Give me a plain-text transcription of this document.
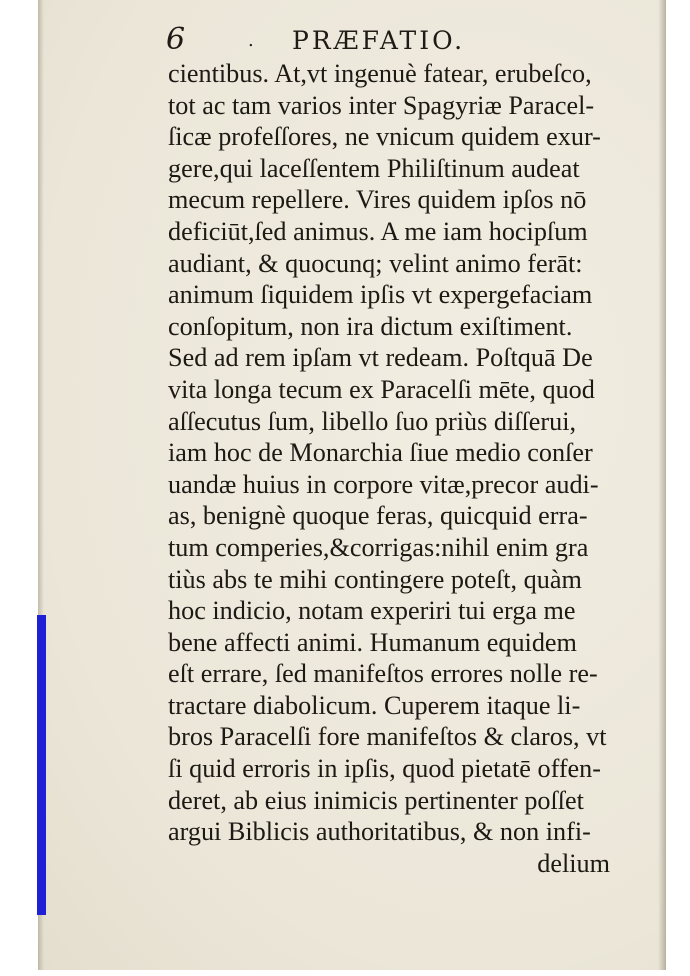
6	. PRÆFATIO.
cientibus. At,vt ingenuè fatear, erubeſco,
tot ac tam varios inter Spagyriæ Paracel-
ſicæ profeſſores, ne vnicum quidem exur-
gere,qui laceſſentem Philiſtinum audeat
mecum repellere. Vires quidem ipſos nō
deficiūt,ſed animus. A me iam hocipſum
audiant, & quocunq; velint animo ferāt:
animum ſiquidem ipſis vt expergefaciam
conſopitum, non ira dictum exiſtiment.
Sed ad rem ipſam vt redeam. Poſtquā De
vita longa tecum ex Paracelſi mēte, quod
aſſecutus ſum, libello ſuo priùs diſſerui,
iam hoc de Monarchia ſiue medio conſer
uandæ huius in corpore vitæ,precor audi-
as, benignè quoque feras, quicquid erra-
tum comperies,&corrigas:nihil enim gra
tiùs abs te mihi contingere poteſt, quàm
hoc indicio, notam experiri tui erga me
bene affecti animi. Humanum equidem
eſt errare, ſed manifeſtos errores nolle re-
tractare diabolicum. Cuperem itaque li-
bros Paracelſi fore manifeſtos & claros, vt
ſi quid erroris in ipſis, quod pietatē offen-
deret, ab eius inimicis pertinenter poſſet
argui Biblicis authoritatibus, & non infi-
delium
